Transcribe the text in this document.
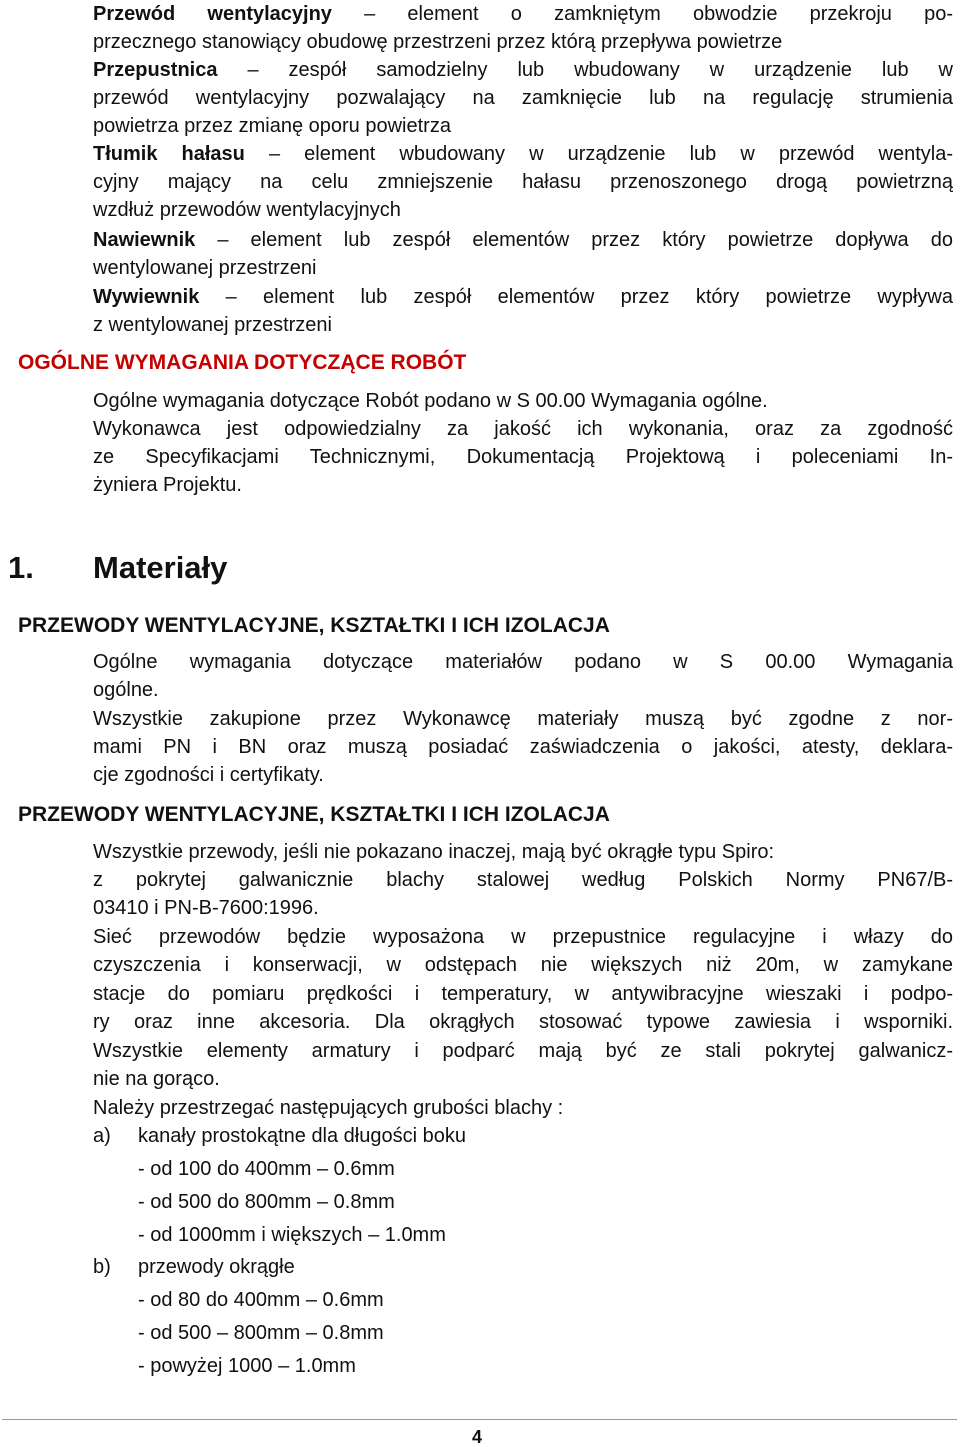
Przewód wentylacyjny – element o zamkniętym obwodzie przekroju po-
przecznego stanowiący obudowę przestrzeni przez którą przepływa powietrze
Przepustnica – zespół samodzielny lub wbudowany w urządzenie lub w
przewód wentylacyjny pozwalający na zamknięcie lub na regulację strumienia
powietrza przez zmianę oporu powietrza
Tłumik hałasu – element wbudowany w urządzenie lub w przewód wentyla-
cyjny mający na celu zmniejszenie hałasu przenoszonego drogą powietrzną
wzdłuż przewodów wentylacyjnych
Nawiewnik – element lub zespół elementów przez który powietrze dopływa do
wentylowanej przestrzeni
Wywiewnik – element lub zespół elementów przez który powietrze wypływa
z wentylowanej przestrzeni
OGÓLNE WYMAGANIA DOTYCZĄCE ROBÓT
Ogólne wymagania dotyczące Robót podano w S 00.00 Wymagania ogólne.
Wykonawca jest odpowiedzialny za jakość ich wykonania, oraz za zgodność
ze Specyfikacjami Technicznymi, Dokumentacją Projektową i poleceniami In-
żyniera Projektu.
1. Materiały
PRZEWODY WENTYLACYJNE, KSZTAŁTKI I ICH IZOLACJA
Ogólne wymagania dotyczące materiałów podano w S 00.00 Wymagania
ogólne.
Wszystkie zakupione przez Wykonawcę materiały muszą być zgodne z nor-
mami PN i BN oraz muszą posiadać zaświadczenia o jakości, atesty, deklara-
cje zgodności i certyfikaty.
PRZEWODY WENTYLACYJNE, KSZTAŁTKI I ICH IZOLACJA
Wszystkie przewody, jeśli nie pokazano inaczej, mają być okrągłe typu Spiro:
z pokrytej galwanicznie blachy stalowej według Polskich Normy PN67/B-
03410 i PN-B-7600:1996.
Sieć przewodów będzie wyposażona w przepustnice regulacyjne i włazy do
czyszczenia i konserwacji, w odstępach nie większych niż 20m, w zamykane
stacje do pomiaru prędkości i temperatury, w antywibracyjne wieszaki i podpo-
ry oraz inne akcesoria. Dla okrągłych stosować typowe zawiesia i wsporniki.
Wszystkie elementy armatury i podparć mają być ze stali pokrytej galwanicz-
nie na gorąco.
Należy przestrzegać następujących grubości blachy :
a) kanały prostokątne dla długości boku
- od 100 do 400mm – 0.6mm
- od 500 do 800mm – 0.8mm
- od 1000mm i większych – 1.0mm
b) przewody okrągłe
- od 80 do 400mm – 0.6mm
- od 500 – 800mm – 0.8mm
- powyżej 1000 – 1.0mm
4
